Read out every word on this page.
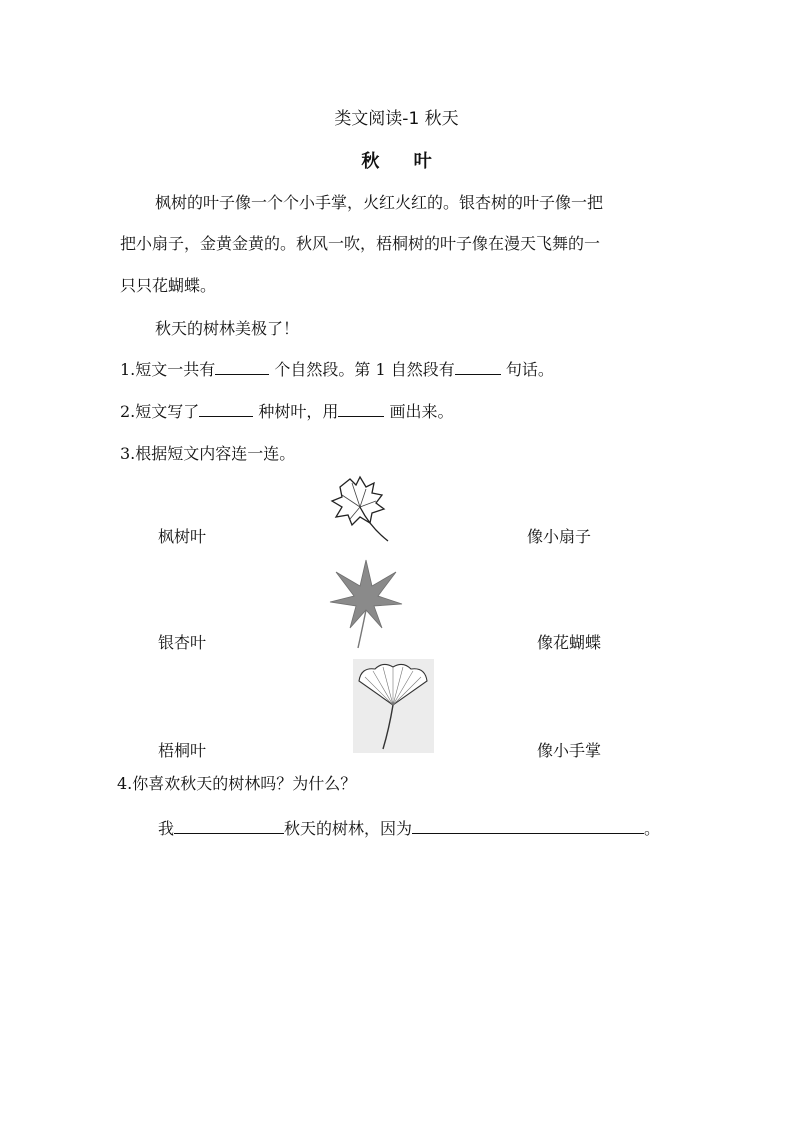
类文阅读-1 秋天
秋 叶
枫树的叶子像一个个小手掌，火红火红的。银杏树的叶子像一把
把小扇子，金黄金黄的。秋风一吹，梧桐树的叶子像在漫天飞舞的一
只只花蝴蝶。
秋天的树林美极了！
1.短文一共有	个自然段。第 1 自然段有	句话。
2.短文写了	种树叶，用	画出来。
3.根据短文内容连一连。
枫树叶
银杏叶
梧桐叶
像小扇子
像花蝴蝶
像小手掌
4.你喜欢秋天的树林吗？为什么？
我	秋天的树林，因为	。
